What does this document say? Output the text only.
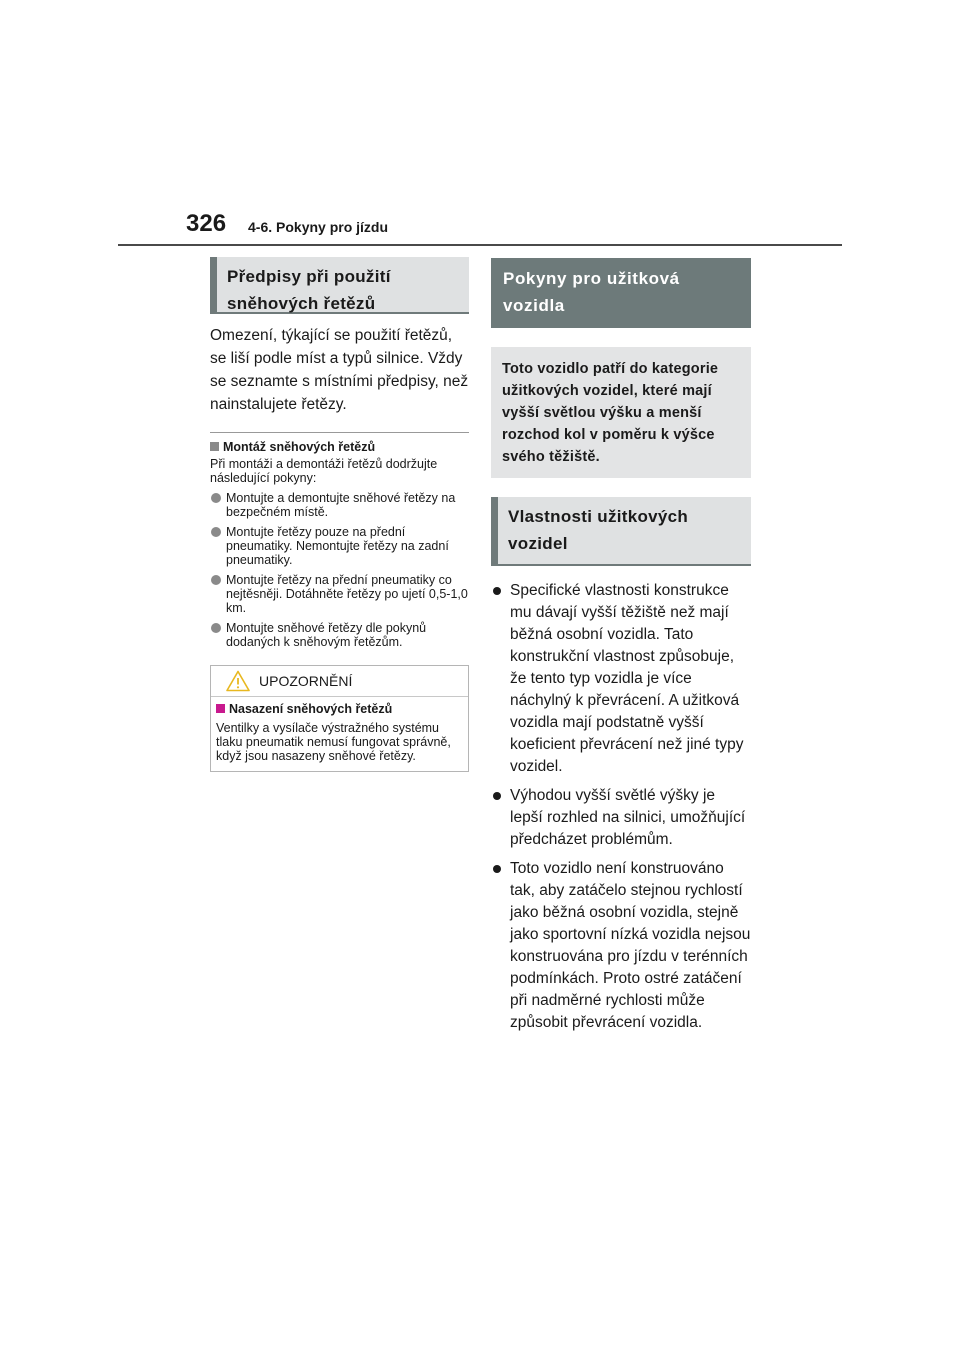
326 4-6. Pokyny pro jízdu
Předpisy při použití sněhových řetězů

Omezení, týkající se použití řetězů, se liší podle míst a typů silnice. Vždy se seznamte s místními předpisy, než nainstalujete řetězy.

Montáž sněhových řetězů
Při montáži a demontáži řetězů dodržujte následující pokyny:
Montujte a demontujte sněhové řetězy na bezpečném místě.
Montujte řetězy pouze na přední pneumatiky. Nemontujte řetězy na zadní pneumatiky.
Montujte řetězy na přední pneumatiky co nejtěsněji. Dotáhněte řetězy po ujetí 0,5-1,0 km.
Montujte sněhové řetězy dle pokynů dodaných k sněhovým řetězům.
UPOZORNĚNÍ
Nasazení sněhových řetězů
Ventilky a vysílače výstražného systému tlaku pneumatik nemusí fungovat správně, když jsou nasazeny sněhové řetězy.
Pokyny pro užitková vozidla
Toto vozidlo patří do kategorie užitkových vozidel, které mají vyšší světlou výšku a menší rozchod kol v poměru k výšce svého těžiště.
Vlastnosti užitkových vozidel
Specifické vlastnosti konstrukce mu dávají vyšší těžiště než mají běžná osobní vozidla. Tato konstrukční vlastnost způsobuje, že tento typ vozidla je více náchylný k převrácení. A užitková vozidla mají podstatně vyšší koeficient převrácení než jiné typy vozidel.
Výhodou vyšší světlé výšky je lepší rozhled na silnici, umožňující předcházet problémům.
Toto vozidlo není konstruováno tak, aby zatáčelo stejnou rychlostí jako běžná osobní vozidla, stejně jako sportovní nízká vozidla nejsou konstruována pro jízdu v terénních podmínkách. Proto ostré zatáčení při nadměrné rychlosti může způsobit převrácení vozidla.
